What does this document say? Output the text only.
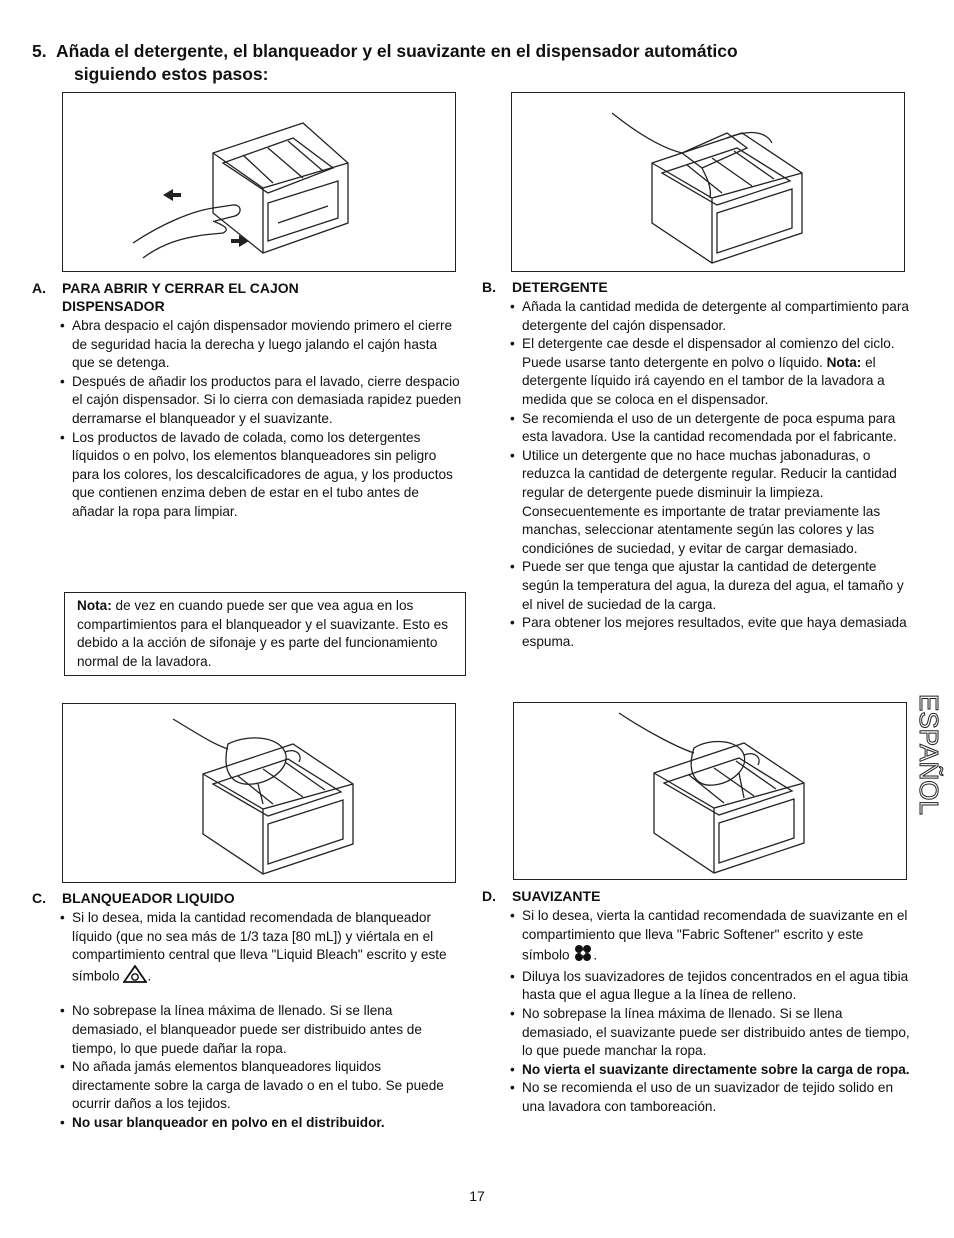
5. Añada el detergente, el blanqueador y el suavizante en el dispensador automático
siguiendo estos pasos:
A. PARA ABRIR Y CERRAR EL CAJON
DISPENSADOR
• Abra despacio el cajón dispensador moviendo primero el cierre de seguridad hacia la derecha y luego jalando el cajón hasta que se detenga.
• Después de añadir los productos para el lavado, cierre despacio el cajón dispensador. Si lo cierra con demasiada rapidez pueden derramarse el blanqueador y el suavizante.
• Los productos de lavado de colada, como los detergentes líquidos o en polvo, los elementos blanqueadores sin peligro para los colores, los descalcificadores de agua, y los productos que contienen enzima deben de estar en el tubo antes de añadar la ropa para limpiar.
Nota: de vez en cuando puede ser que vea agua en los compartimientos para el blanqueador y el suavizante. Esto es debido a la acción de sifonaje y es parte del funcionamiento normal de la lavadora.
B. DETERGENTE
• Añada la cantidad medida de detergente al compartimiento para detergente del cajón dispensador.
• El detergente cae desde el dispensador al comienzo del ciclo. Puede usarse tanto detergente en polvo o líquido. Nota: el detergente líquido irá cayendo en el tambor de la lavadora a medida que se coloca en el dispensador.
• Se recomienda el uso de un detergente de poca espuma para esta lavadora. Use la cantidad recomendada por el fabricante.
• Utilice un detergente que no hace muchas jabonaduras, o reduzca la cantidad de detergente regular. Reducir la cantidad regular de detergente puede disminuir la limpieza. Consecuentemente es importante de tratar previamente las manchas, seleccionar atentamente según las colores y las condiciónes de suciedad, y evitar de cargar demasiado.
• Puede ser que tenga que ajustar la cantidad de detergente según la temperatura del agua, la dureza del agua, el tamaño y el nivel de suciedad de la carga.
• Para obtener los mejores resultados, evite que haya demasiada espuma.
C. BLANQUEADOR LIQUIDO
• Si lo desea, mida la cantidad recomendada de blanqueador líquido (que no sea más de 1/3 taza [80 mL]) y viértala en el compartimiento central que lleva "Liquid Bleach" escrito y este símbolo .
• No sobrepase la línea máxima de llenado. Si se llena demasiado, el blanqueador puede ser distribuido antes de tiempo, lo que puede dañar la ropa.
• No añada jamás elementos blanqueadores liquidos directamente sobre la carga de lavado o en el tubo. Se puede ocurrir daños a los tejidos.
• No usar blanqueador en polvo en el distribuidor.
D. SUAVIZANTE
• Si lo desea, vierta la cantidad recomendada de suavizante en el compartimiento que lleva "Fabric Softener" escrito y este símbolo .
• Diluya los suavizadores de tejidos concentrados en el agua tibia hasta que el agua llegue a la línea de relleno.
• No sobrepase la línea máxima de llenado. Si se llena demasiado, el suavizante puede ser distribuido antes de tiempo, lo que puede manchar la ropa.
• No vierta el suavizante directamente sobre la carga de ropa.
• No se recomienda el uso de un suavizador de tejido solido en una lavadora con tamboreación.
ESPAÑOL
17
